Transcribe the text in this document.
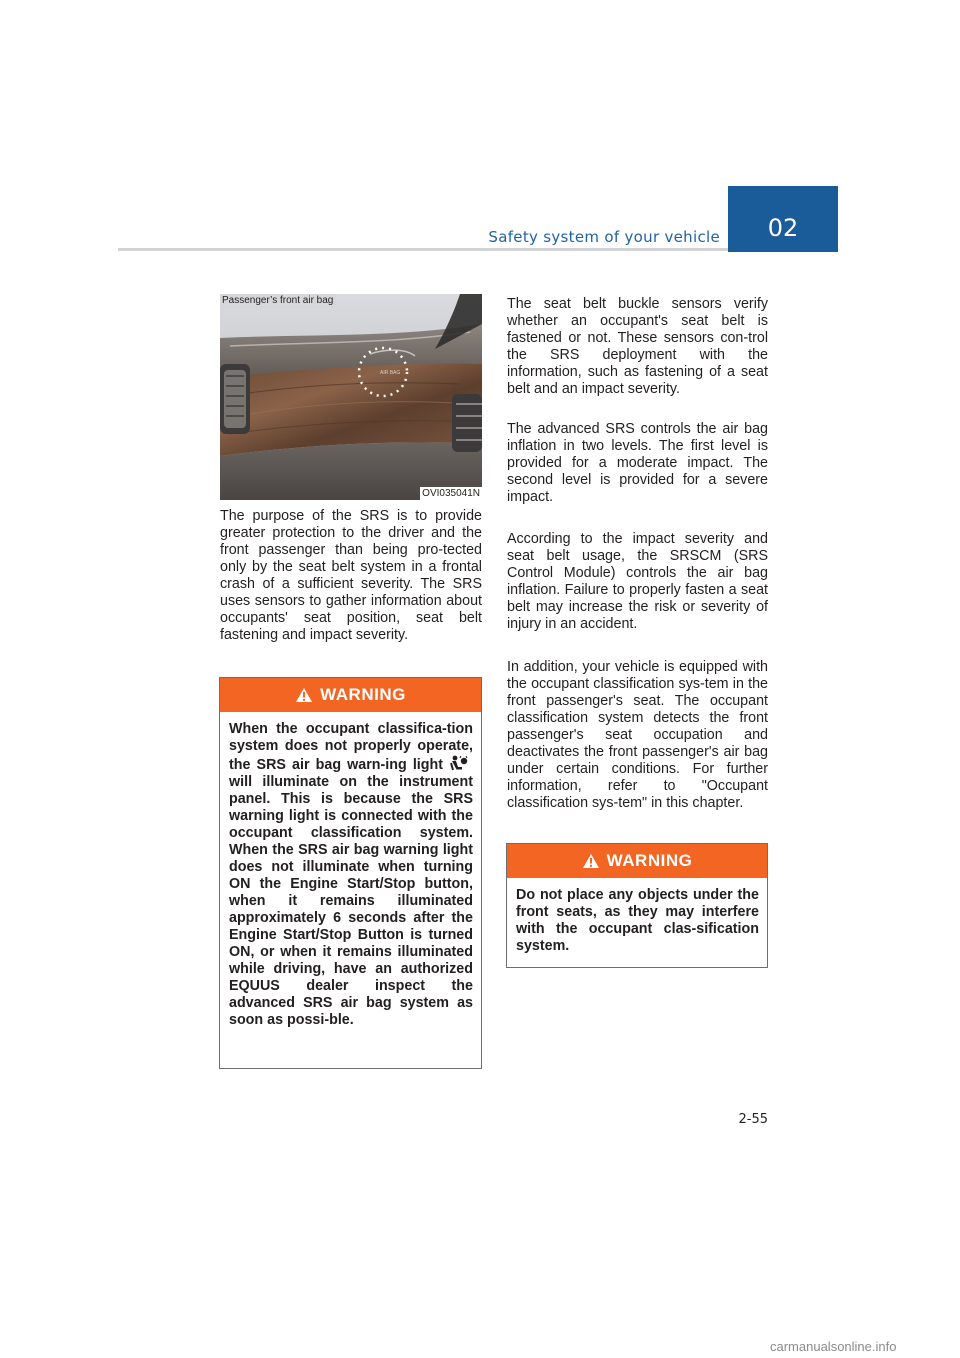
Safety system of your vehicle 02
AIR BAG
Passenger’s front air bag
OVI035041N

The purpose of the SRS is to provide greater protection to the driver and the front passenger than being pro-tected only by the seat belt system in a frontal crash of a sufficient severity. The SRS uses sensors to gather information about occupants' seat position, seat belt fastening and impact severity.

WARNING

When the occupant classifica-tion system does not properly operate, the SRS air bag warn-ing lightwill illuminate on the instrument panel. This is because the SRS warning light is connected with the occupant classification system. When the SRS air bag warning light does not illuminate when turning ON the Engine Start/Stop button, when it remains illuminated approximately 6 seconds after the Engine Start/Stop Button is turned ON, or when it remains illuminated while driving, have an authorized EQUUS dealer inspect the advanced SRS air bag system as soon as possi-ble.

The seat belt buckle sensors verify whether an occupant's seat belt is fastened or not. These sensors con-trol the SRS deployment with the information, such as fastening of a seat belt and an impact severity.

The advanced SRS controls the air bag inflation in two levels. The first level is provided for a moderate impact. The second level is provided for a severe impact.

According to the impact severity and seat belt usage, the SRSCM (SRS Control Module) controls the air bag inflation. Failure to properly fasten a seat belt may increase the risk or severity of injury in an accident.

In addition, your vehicle is equipped with the occupant classification sys-tem in the front passenger's seat. The occupant classification system detects the front passenger's seat occupation and deactivates the front passenger's air bag under certain conditions. For further information, refer to "Occupant classification sys-tem" in this chapter.

WARNING

Do not place any objects under the front seats, as they may interfere with the occupant clas-sification system.

2-55
carmanualsonline.info
